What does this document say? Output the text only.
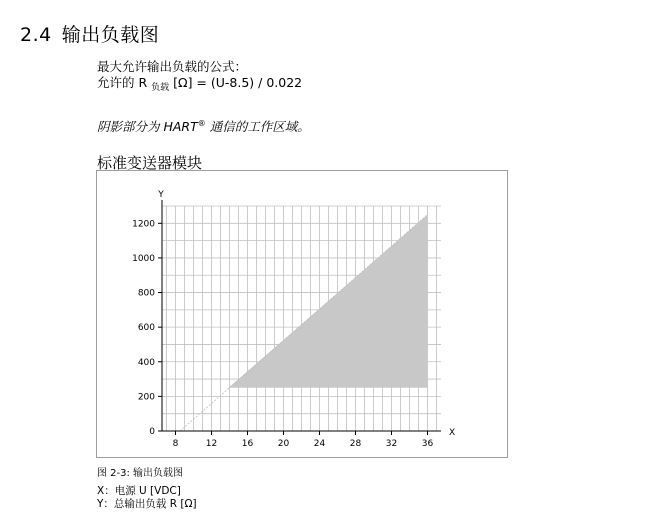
2.4 输出负载图
最大允许输出负载的公式：
允许的 R $_{负载}$ [Ω] = (U-8.5) / 0.022
阴影部分为 HART® 通信的工作区域。
标准变送器模块
8	12	16	20	24	28	32	36
0
200
400
600
800
1000
1200
Y
X
图 2-3: 输出负载图
X：电源 U [VDC]
Y：总输出负载 R [Ω]
